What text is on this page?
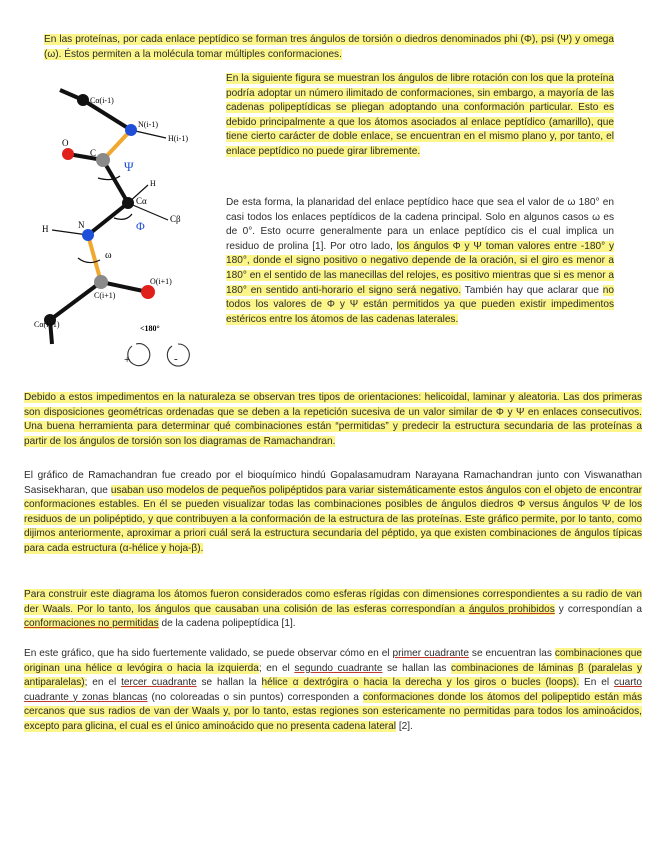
En las proteínas, por cada enlace peptídico se forman tres ángulos de torsión o diedros denominados phi (Φ), psi (Ψ) y omega (ω). Éstos permiten a la molécula tomar múltiples conformaciones.

En la siguiente figura se muestran los ángulos de libre rotación con los que la proteína podría adoptar un número ilimitado de conformaciones, sin embargo, a mayoría de las cadenas polipeptídicas se pliegan adoptando una conformación particular. Esto es debido principalmente a que los átomos asociados al enlace peptídico (amarillo), que tiene cierto carácter de doble enlace, se encuentran en el mismo plano y, por tanto, el enlace peptídico no puede girar libremente.

De esta forma, la planaridad del enlace peptídico hace que sea el valor de ω 180° en casi todos los enlaces peptídicos de la cadena principal. Solo en algunos casos ω es de 0°. Esto ocurre generalmente para un enlace peptídico cis el cual implica un residuo de prolina [1]. Por otro lado, los ángulos Φ y Ψ toman valores entre -180° y 180°, donde el signo positivo o negativo depende de la oración, si el giro es menor a 180° en el sentido de las manecillas del relojes, es positivo mientras que si es menor a 180° en sentido anti-horario el signo será negativo. También hay que aclarar que no todos los valores de Φ y Ψ están permitidos ya que pueden existir impedimentos estéricos entre los átomos de las cadenas laterales.

Cα(i-1)
N(i-1)
H(i-1)
O
C
Ψ
H
Cα
Cβ
H	N	Φ
ω
O(i+1)
C(i+1)
Cα(i+1)	<180°
+	-

Debido a estos impedimentos en la naturaleza se observan tres tipos de orientaciones: helicoidal, laminar y aleatoria. Las dos primeras son disposiciones geométricas ordenadas que se deben a la repetición sucesiva de un valor similar de Φ y Ψ en enlaces consecutivos. Una buena herramienta para determinar qué combinaciones están “permitidas” y predecir la estructura secundaria de las proteínas a partir de los ángulos de torsión son los diagramas de Ramachandran.

El gráfico de Ramachandran fue creado por el bioquímico hindú Gopalasamudram Narayana Ramachandran junto con Viswanathan Sasisekharan, que usaban uso modelos de pequeños polipéptidos para variar sistemáticamente estos ángulos con el objeto de encontrar conformaciones estables. En él se pueden visualizar todas las combinaciones posibles de ángulos diedros Φ versus ángulos Ψ de los residuos de un polipéptido, y que contribuyen a la conformación de la estructura de las proteínas. Este gráfico permite, por lo tanto, como dijimos anteriormente, aproximar a priori cuál será la estructura secundaria del péptido, ya que existen combinaciones de ángulos típicas para cada estructura (α-hélice y hoja-β).

Para construir este diagrama los átomos fueron considerados como esferas rígidas con dimensiones correspondientes a su radio de van der Waals. Por lo tanto, los ángulos que causaban una colisión de las esferas correspondían a ángulos prohibidos y correspondían a conformaciones no permitidas de la cadena polipeptídica [1].

En este gráfico, que ha sido fuertemente validado, se puede observar cómo en el primer cuadrante se encuentran las combinaciones que originan una hélice α levógira o hacia la izquierda; en el segundo cuadrante se hallan las combinaciones de láminas β (paralelas y antiparalelas); en el tercer cuadrante se hallan la hélice α dextrógira o hacia la derecha y los giros o bucles (loops). En el cuarto cuadrante y zonas blancas (no coloreadas o sin puntos) corresponden a conformaciones donde los átomos del polipeptido están más cercanos que sus radios de van der Waals y, por lo tanto, estas regiones son estericamente no permitidas para todos los aminoácidos, excepto para glicina, el cual es el único aminoácido que no presenta cadena lateral [2].
